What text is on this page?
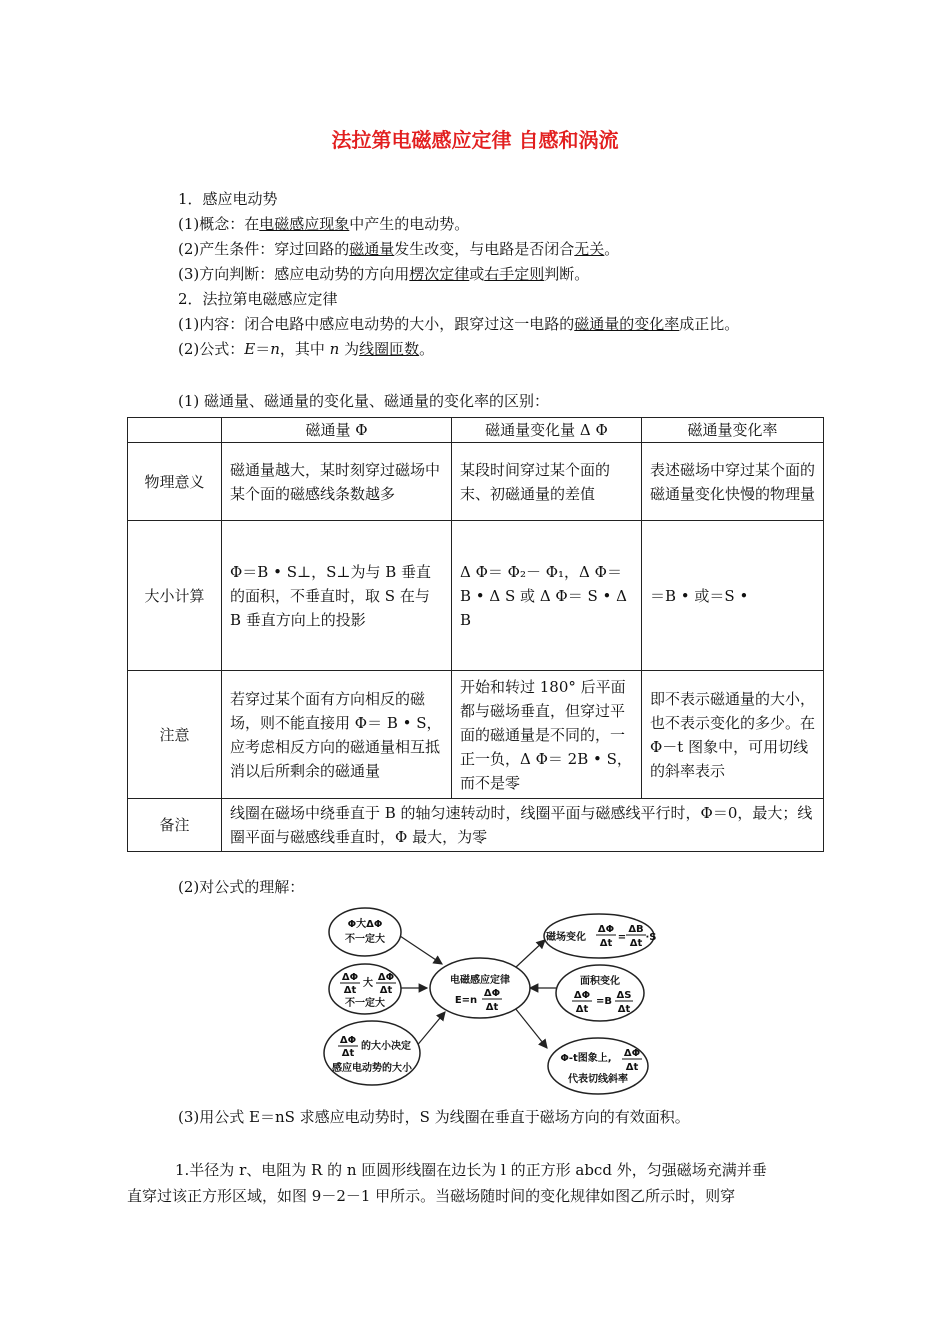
法拉第电磁感应定律 自感和涡流
1．感应电动势
(1)概念：在电磁感应现象中产生的电动势。
(2)产生条件：穿过回路的磁通量发生改变，与电路是否闭合无关。
(3)方向判断：感应电动势的方向用楞次定律或右手定则判断。
2．法拉第电磁感应定律
(1)内容：闭合电路中感应电动势的大小，跟穿过这一电路的磁通量的变化率成正比。
(2)公式：E＝n，其中 n 为线圈匝数。
(1) 磁通量、磁通量的变化量、磁通量的变化率的区别：
	磁通量 Φ	磁通量变化量 Δ Φ	磁通量变化率
物理意义	磁通量越大，某时刻穿过磁场中某个面的磁感线条数越多	某段时间穿过某个面的末、初磁通量的差值	表述磁场中穿过某个面的磁通量变化快慢的物理量
大小计算	Φ＝B • S⊥，S⊥为与 B 垂直的面积，不垂直时，取 S 在与 B 垂直方向上的投影	Δ Φ＝ Φ₂－ Φ₁，Δ Φ＝ B • Δ S 或 Δ Φ＝ S • Δ B	＝B • 或＝S •
注意	若穿过某个面有方向相反的磁场，则不能直接用 Φ＝ B • S，应考虑相反方向的磁通量相互抵消以后所剩余的磁通量	开始和转过 180° 后平面都与磁场垂直，但穿过平面的磁通量是不同的，一正一负，Δ Φ＝ 2B • S，而不是零	即不表示磁通量的大小，也不表示变化的多少。在 Φ－t 图象中，可用切线的斜率表示
备注	线圈在磁场中绕垂直于 B 的轴匀速转动时，线圈平面与磁感线平行时，Φ＝0，最大；线圈平面与磁感线垂直时，Φ 最大，为零		
(2)对公式的理解：
Φ大ΔΦ
不一定大
ΔΦ
Δt
大
ΔΦ
Δt
不一定大
ΔΦ
Δt
的大小决定
感应电动势的大小
电磁感应定律
E=n
ΔΦ
Δt
磁场变化
ΔΦ
Δt
=
ΔB
Δt
·S
面积变化
ΔΦ
Δt
=B
ΔS
Δt
Φ-t图象上, ΔΦ
Δt
代表切线斜率
(3)用公式 E＝nS 求感应电动势时，S 为线圈在垂直于磁场方向的有效面积。
1.半径为 r、电阻为 R 的 n 匝圆形线圈在边长为 l 的正方形 abcd 外，匀强磁场充满并垂
直穿过该正方形区域，如图 9－2－1 甲所示。当磁场随时间的变化规律如图乙所示时，则穿
